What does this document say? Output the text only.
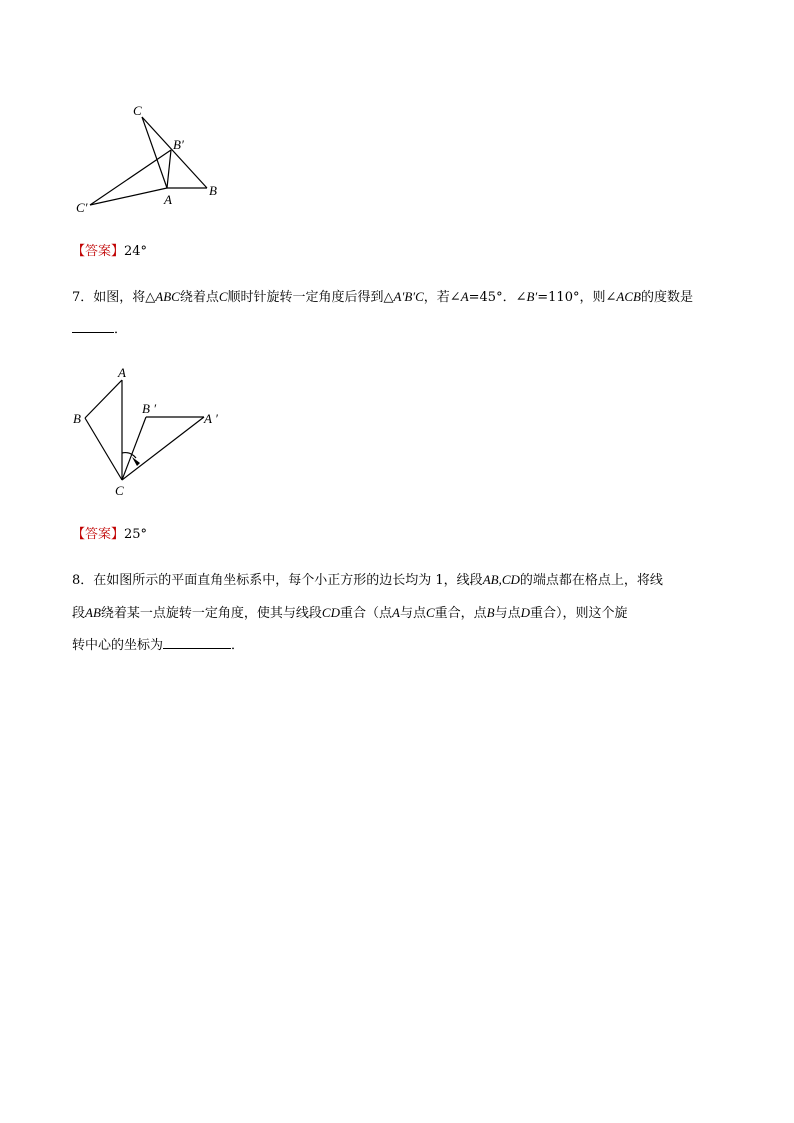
C
B′
B
A
C′
【答案】24°
7．如图，将△ABC绕着点C顺时针旋转一定角度后得到△A′B′C，若∠A=45°．∠B′=110°，则∠ACB的度数是
．
A
B
B ′
A ′
C
【答案】25°
8．在如图所示的平面直角坐标系中，每个小正方形的边长均为 1，线段AB,CD的端点都在格点上，将线
段AB绕着某一点旋转一定角度，使其与线段CD重合（点A与点C重合，点B与点D重合），则这个旋
转中心的坐标为	．
